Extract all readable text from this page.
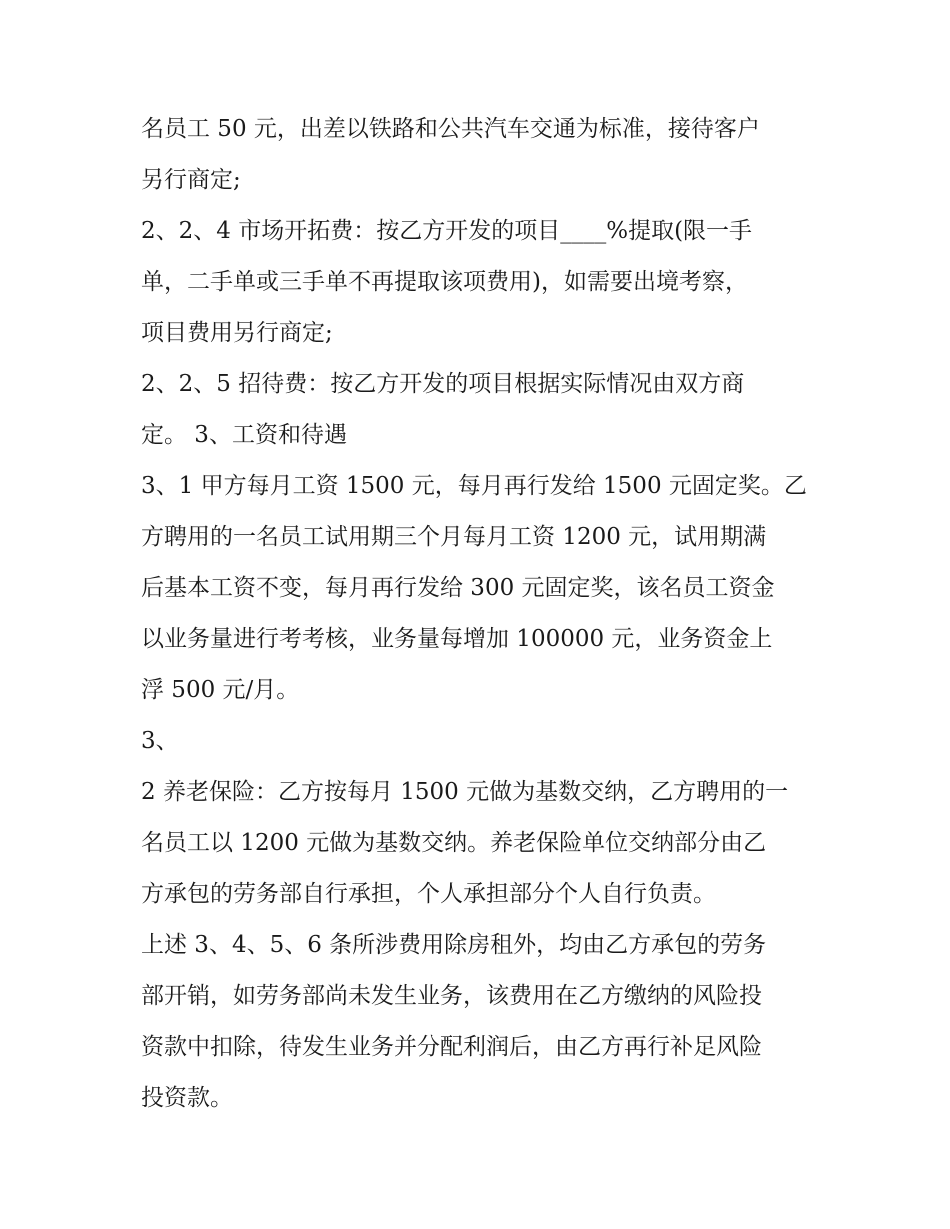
名员工 50 元，出差以铁路和公共汽车交通为标准，接待客户
另行商定;
2、2、4 市场开拓费：按乙方开发的项目____%提取(限一手
单，二手单或三手单不再提取该项费用)，如需要出境考察，
项目费用另行商定;
2、2、5 招待费：按乙方开发的项目根据实际情况由双方商
定。 3、工资和待遇
3、1 甲方每月工资 1500 元，每月再行发给 1500 元固定奖。乙
方聘用的一名员工试用期三个月每月工资 1200 元，试用期满
后基本工资不变，每月再行发给 300 元固定奖，该名员工资金
以业务量进行考考核，业务量每增加 100000 元，业务资金上
浮 500 元/月。
3、
2 养老保险：乙方按每月 1500 元做为基数交纳，乙方聘用的一
名员工以 1200 元做为基数交纳。养老保险单位交纳部分由乙
方承包的劳务部自行承担，个人承担部分个人自行负责。
上述 3、4、5、6 条所涉费用除房租外，均由乙方承包的劳务
部开销，如劳务部尚未发生业务，该费用在乙方缴纳的风险投
资款中扣除，待发生业务并分配利润后，由乙方再行补足风险
投资款。
